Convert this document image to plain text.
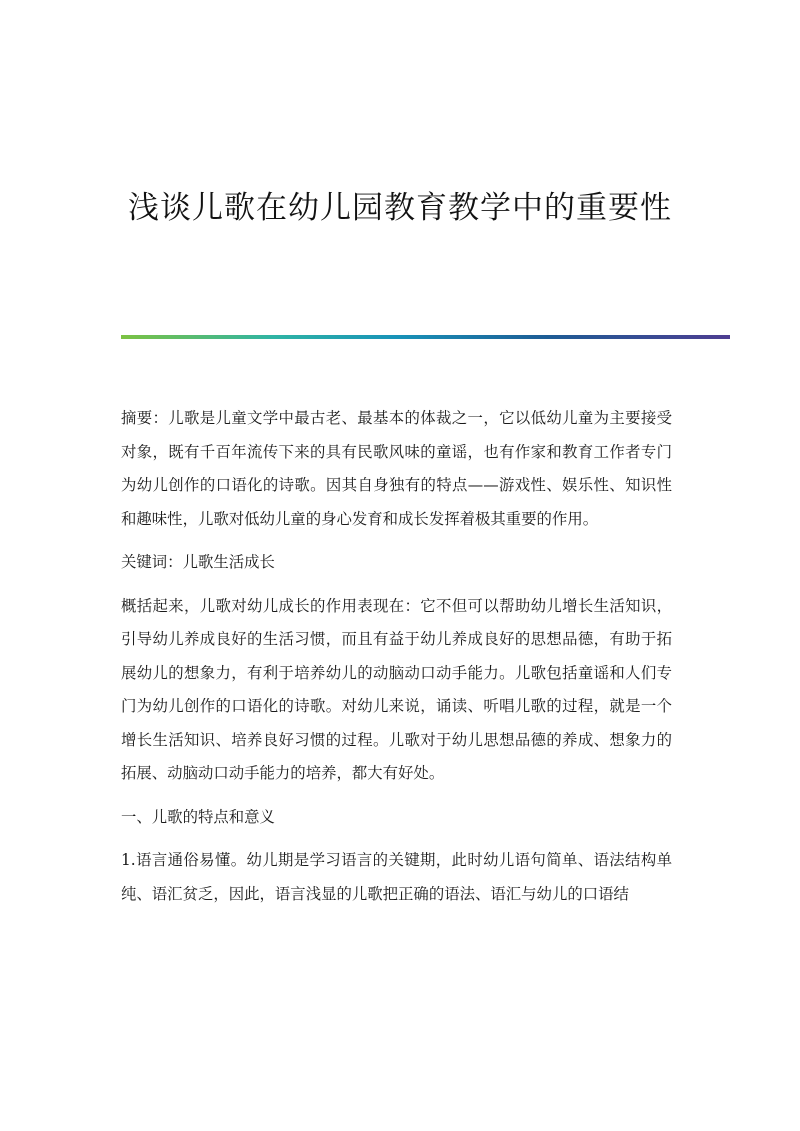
浅谈儿歌在幼儿园教育教学中的重要性

摘要：儿歌是儿童文学中最古老、最基本的体裁之一，它以低幼儿童为主要接受对象，既有千百年流传下来的具有民歌风味的童谣，也有作家和教育工作者专门为幼儿创作的口语化的诗歌。因其自身独有的特点——游戏性、娱乐性、知识性和趣味性，儿歌对低幼儿童的身心发育和成长发挥着极其重要的作用。

关键词：儿歌生活成长

概括起来，儿歌对幼儿成长的作用表现在：它不但可以帮助幼儿增长生活知识，引导幼儿养成良好的生活习惯，而且有益于幼儿养成良好的思想品德，有助于拓展幼儿的想象力，有利于培养幼儿的动脑动口动手能力。儿歌包括童谣和人们专门为幼儿创作的口语化的诗歌。对幼儿来说，诵读、听唱儿歌的过程，就是一个增长生活知识、培养良好习惯的过程。儿歌对于幼儿思想品德的养成、想象力的拓展、动脑动口动手能力的培养，都大有好处。

一、儿歌的特点和意义

1.语言通俗易懂。幼儿期是学习语言的关键期，此时幼儿语句简单、语法结构单纯、语汇贫乏，因此，语言浅显的儿歌把正确的语法、语汇与幼儿的口语结
